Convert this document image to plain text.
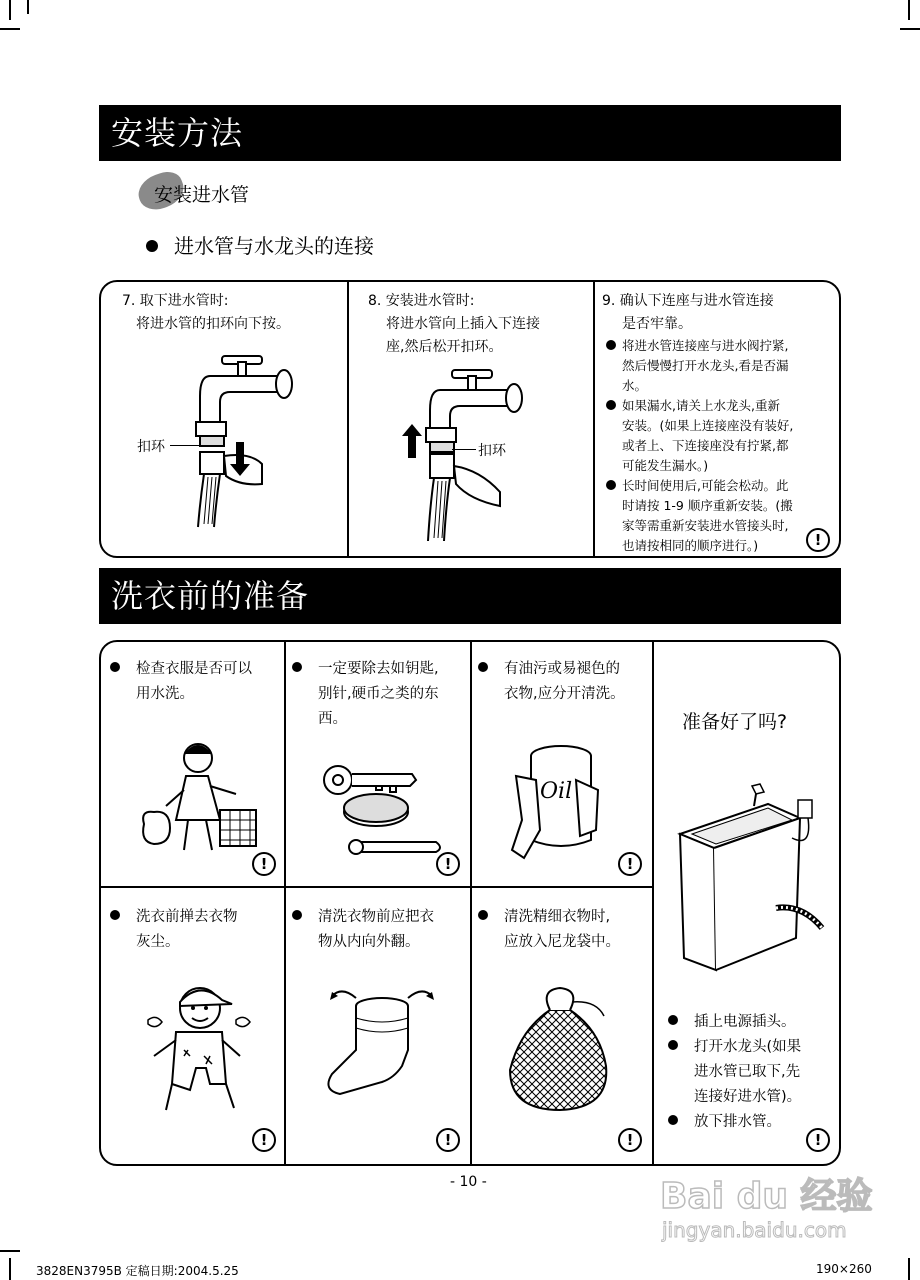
安装方法
安装进水管
进水管与水龙头的连接
7. 取下进水管时:
将进水管的扣环向下按。
扣环
8. 安装进水管时:
将进水管向上插入下连接
座,然后松开扣环。
扣环
9. 确认下连座与进水管连接
是否牢靠。
将进水管连接座与进水阀拧紧,
然后慢慢打开水龙头,看是否漏
水。
如果漏水,请关上水龙头,重新
安装。(如果上连接座没有装好,
或者上、下连接座没有拧紧,都
可能发生漏水。)
长时间使用后,可能会松动。此
时请按 1-9 顺序重新安装。(搬
家等需重新安装进水管接头时,
也请按相同的顺序进行。)	!
洗衣前的准备
检查衣服是否可以
用水洗。
!
一定要除去如钥匙,
别针,硬币之类的东
西。
!
有油污或易褪色的
衣物,应分开清洗。
Oil
!
洗衣前掸去衣物
灰尘。
!
清洗衣物前应把衣
物从内向外翻。
!
清洗精细衣物时,
应放入尼龙袋中。
!
准备好了吗?
插上电源插头。
打开水龙头(如果
进水管已取下,先
连接好进水管)。
放下排水管。
!
- 10 -
3828EN3795B 定稿日期:2004.5.25	190×260
Bai du 经验
jingyan.baidu.com
